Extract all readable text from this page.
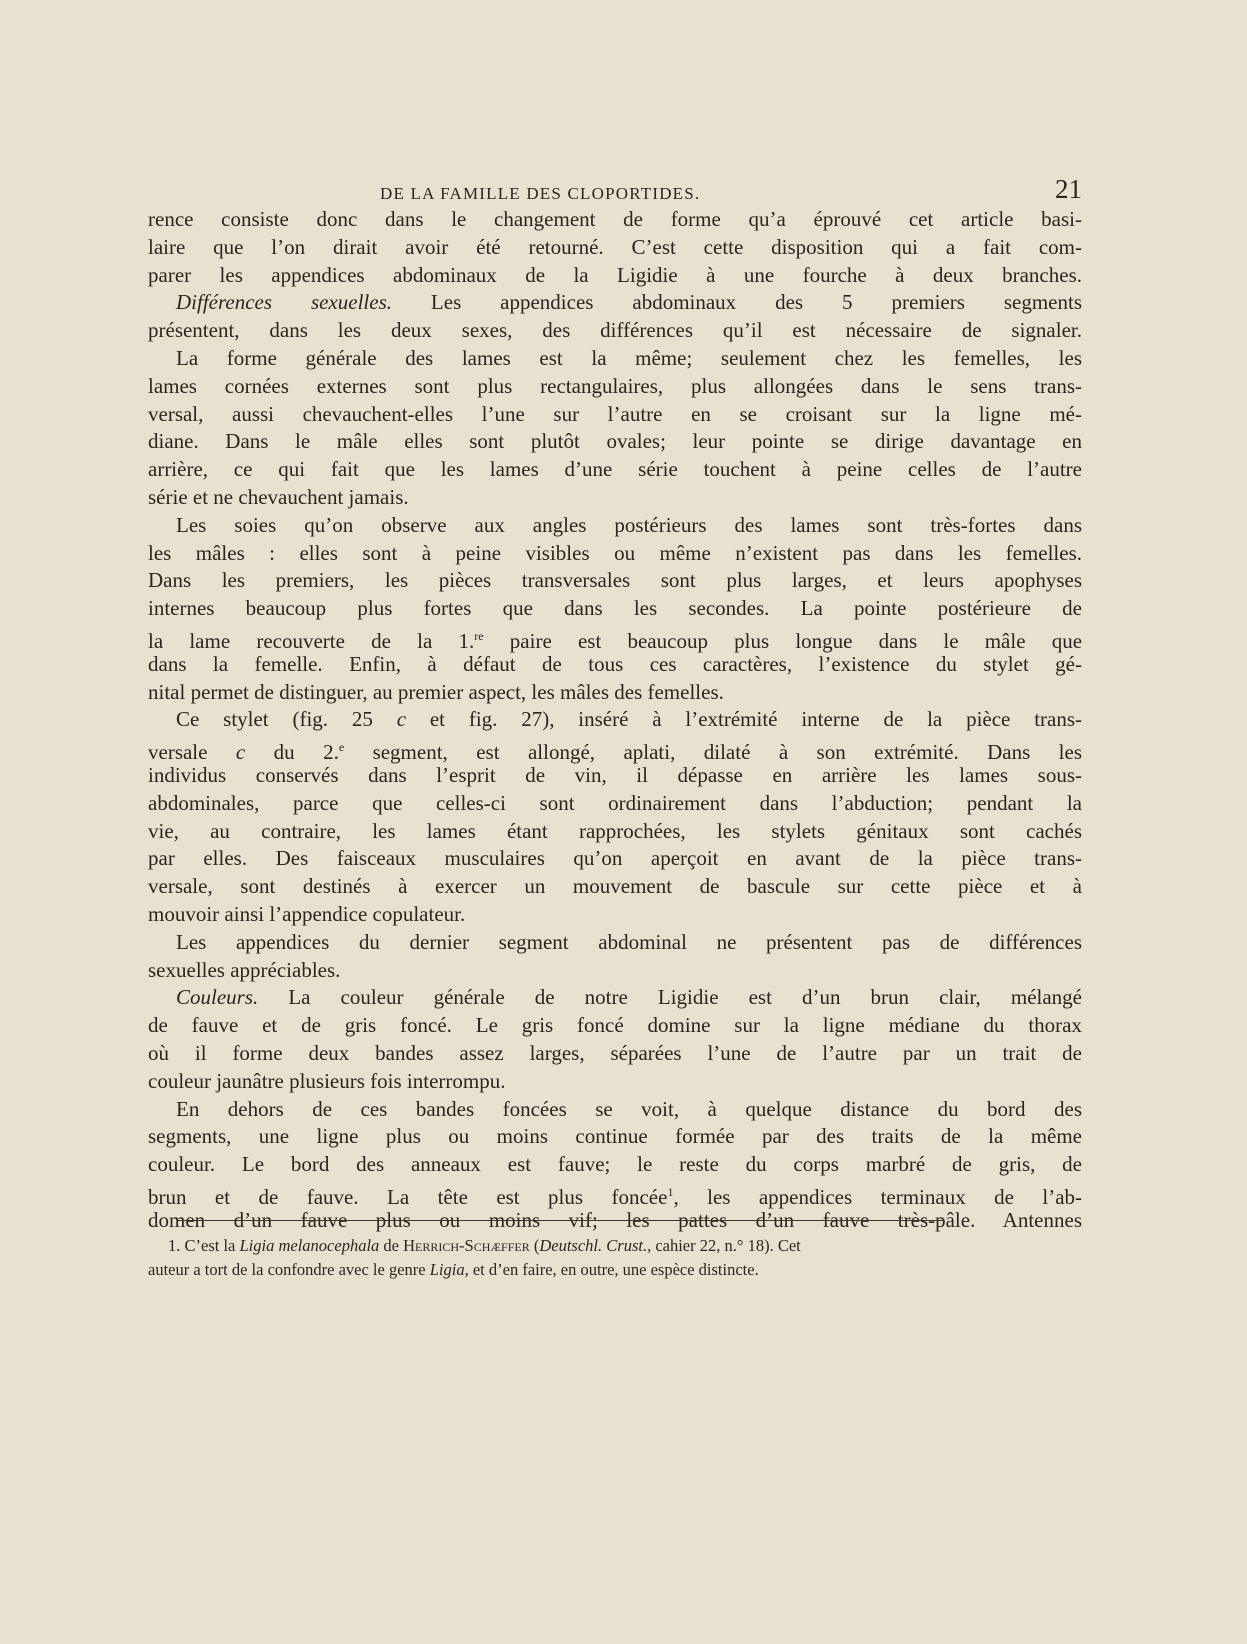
DE LA FAMILLE DES CLOPORTIDES.	21
rence consiste donc dans le changement de forme qu’a éprouvé cet article basi-
laire que l’on dirait avoir été retourné. C’est cette disposition qui a fait com-
parer les appendices abdominaux de la Ligidie à une fourche à deux branches.
Différences sexuelles. Les appendices abdominaux des 5 premiers segments
présentent, dans les deux sexes, des différences qu’il est nécessaire de signaler.
La forme générale des lames est la même; seulement chez les femelles, les
lames cornées externes sont plus rectangulaires, plus allongées dans le sens trans-
versal, aussi chevauchent-elles l’une sur l’autre en se croisant sur la ligne mé-
diane. Dans le mâle elles sont plutôt ovales; leur pointe se dirige davantage en
arrière, ce qui fait que les lames d’une série touchent à peine celles de l’autre
série et ne chevauchent jamais.
Les soies qu’on observe aux angles postérieurs des lames sont très-fortes dans
les mâles : elles sont à peine visibles ou même n’existent pas dans les femelles.
Dans les premiers, les pièces transversales sont plus larges, et leurs apophyses
internes beaucoup plus fortes que dans les secondes. La pointe postérieure de
la lame recouverte de la 1.$^{re}$ paire est beaucoup plus longue dans le mâle que
dans la femelle. Enfin, à défaut de tous ces caractères, l’existence du stylet gé-
nital permet de distinguer, au premier aspect, les mâles des femelles.
Ce stylet (fig. 25 c et fig. 27), inséré à l’extrémité interne de la pièce trans-
versale c du 2.$^e$ segment, est allongé, aplati, dilaté à son extrémité. Dans les
individus conservés dans l’esprit de vin, il dépasse en arrière les lames sous-
abdominales, parce que celles-ci sont ordinairement dans l’abduction; pendant la
vie, au contraire, les lames étant rapprochées, les stylets génitaux sont cachés
par elles. Des faisceaux musculaires qu’on aperçoit en avant de la pièce trans-
versale, sont destinés à exercer un mouvement de bascule sur cette pièce et à
mouvoir ainsi l’appendice copulateur.
Les appendices du dernier segment abdominal ne présentent pas de différences
sexuelles appréciables.
Couleurs. La couleur générale de notre Ligidie est d’un brun clair, mélangé
de fauve et de gris foncé. Le gris foncé domine sur la ligne médiane du thorax
où il forme deux bandes assez larges, séparées l’une de l’autre par un trait de
couleur jaunâtre plusieurs fois interrompu.
En dehors de ces bandes foncées se voit, à quelque distance du bord des
segments, une ligne plus ou moins continue formée par des traits de la même
couleur. Le bord des anneaux est fauve; le reste du corps marbré de gris, de
brun et de fauve. La tête est plus foncée$^1$, les appendices terminaux de l’ab-
domen d’un fauve plus ou moins vif; les pattes d’un fauve très-pâle. Antennes
1. C’est la Ligia melanocephala de Herrich-Schæffer (Deutschl. Crust., cahier 22, n.° 18). Cet
auteur a tort de la confondre avec le genre Ligia, et d’en faire, en outre, une espèce distincte.
